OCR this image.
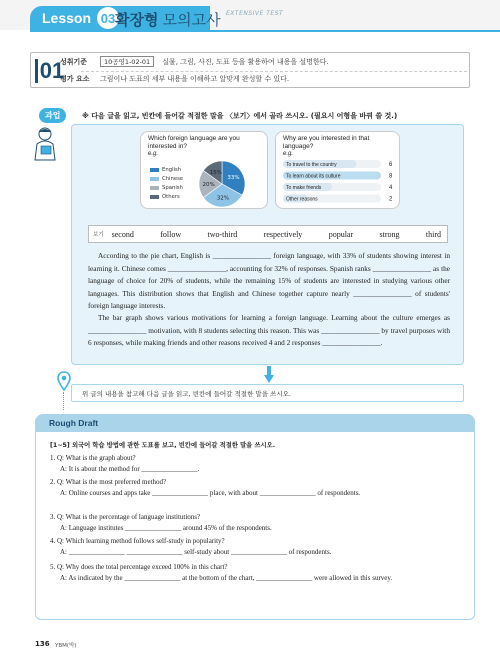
Lesson 03 확장형 모의고사 EXTENSIVE TEST
01
성취기준	10공영1-02-01	실물, 그림, 사진, 도표 등을 활용하여 내용을 설명한다.
평가 요소	그림이나 도표의 세부 내용을 이해하고 알맞게 완성할 수 있다.
과업	※ 다음 글을 읽고, 빈칸에 들어갈 적절한 말을 〈보기〉에서 골라 쓰시오. (필요시 어형을 바꿔 쓸 것.)
Which foreign language are you interested in?
e.g.
English
Chinese
Spanish
Others
33%
32%
20%
15%
Why are you interested in that language?
e.g.
To travel to the country	6
To learn about its culture	8
To make friends	4
Other reasons	2
보기 second	follow	two-third	respectively	popular	strong	third

According to the pie chart, English is ________________ foreign language, with 33% of students showing interest in learning it. Chinese comes ________________, accounting for 32% of responses. Spanish ranks ________________ as the language of choice for 20% of students, while the remaining 15% of students are interested in studying various other languages. This distribution shows that English and Chinese together capture nearly ________________ of students' foreign language interests.

The bar graph shows various motivations for learning a foreign language. Learning about the culture emerges as ________________ motivation, with 8 students selecting this reason. This was ________________ by travel purposes with 6 responses, while making friends and other reasons received 4 and 2 responses ________________.

위 글의 내용을 참고해 다음 글을 읽고, 빈칸에 들어갈 적절한 말을 쓰시오.
Rough Draft
[1~5] 외국어 학습 방법에 관한 도표를 보고, 빈칸에 들어갈 적절한 말을 쓰시오.
1. Q: What is the graph about?
A: It is about the method for ________________.
2. Q: What is the most preferred method?
A: Online courses and apps take ________________ place, with about ________________ of respondents.
3. Q: What is the percentage of language institutions?
A: Language institutes ________________ around 45% of the respondents.
4. Q: Which learning method follows self-study in popularity?
A: ________________ ________________ self-study about ________________ of respondents.
5. Q: Why does the total percentage exceed 100% in this chart?
A: As indicated by the ________________ at the bottom of the chart, ________________ were allowed in this survey.
136 YBM(박)
